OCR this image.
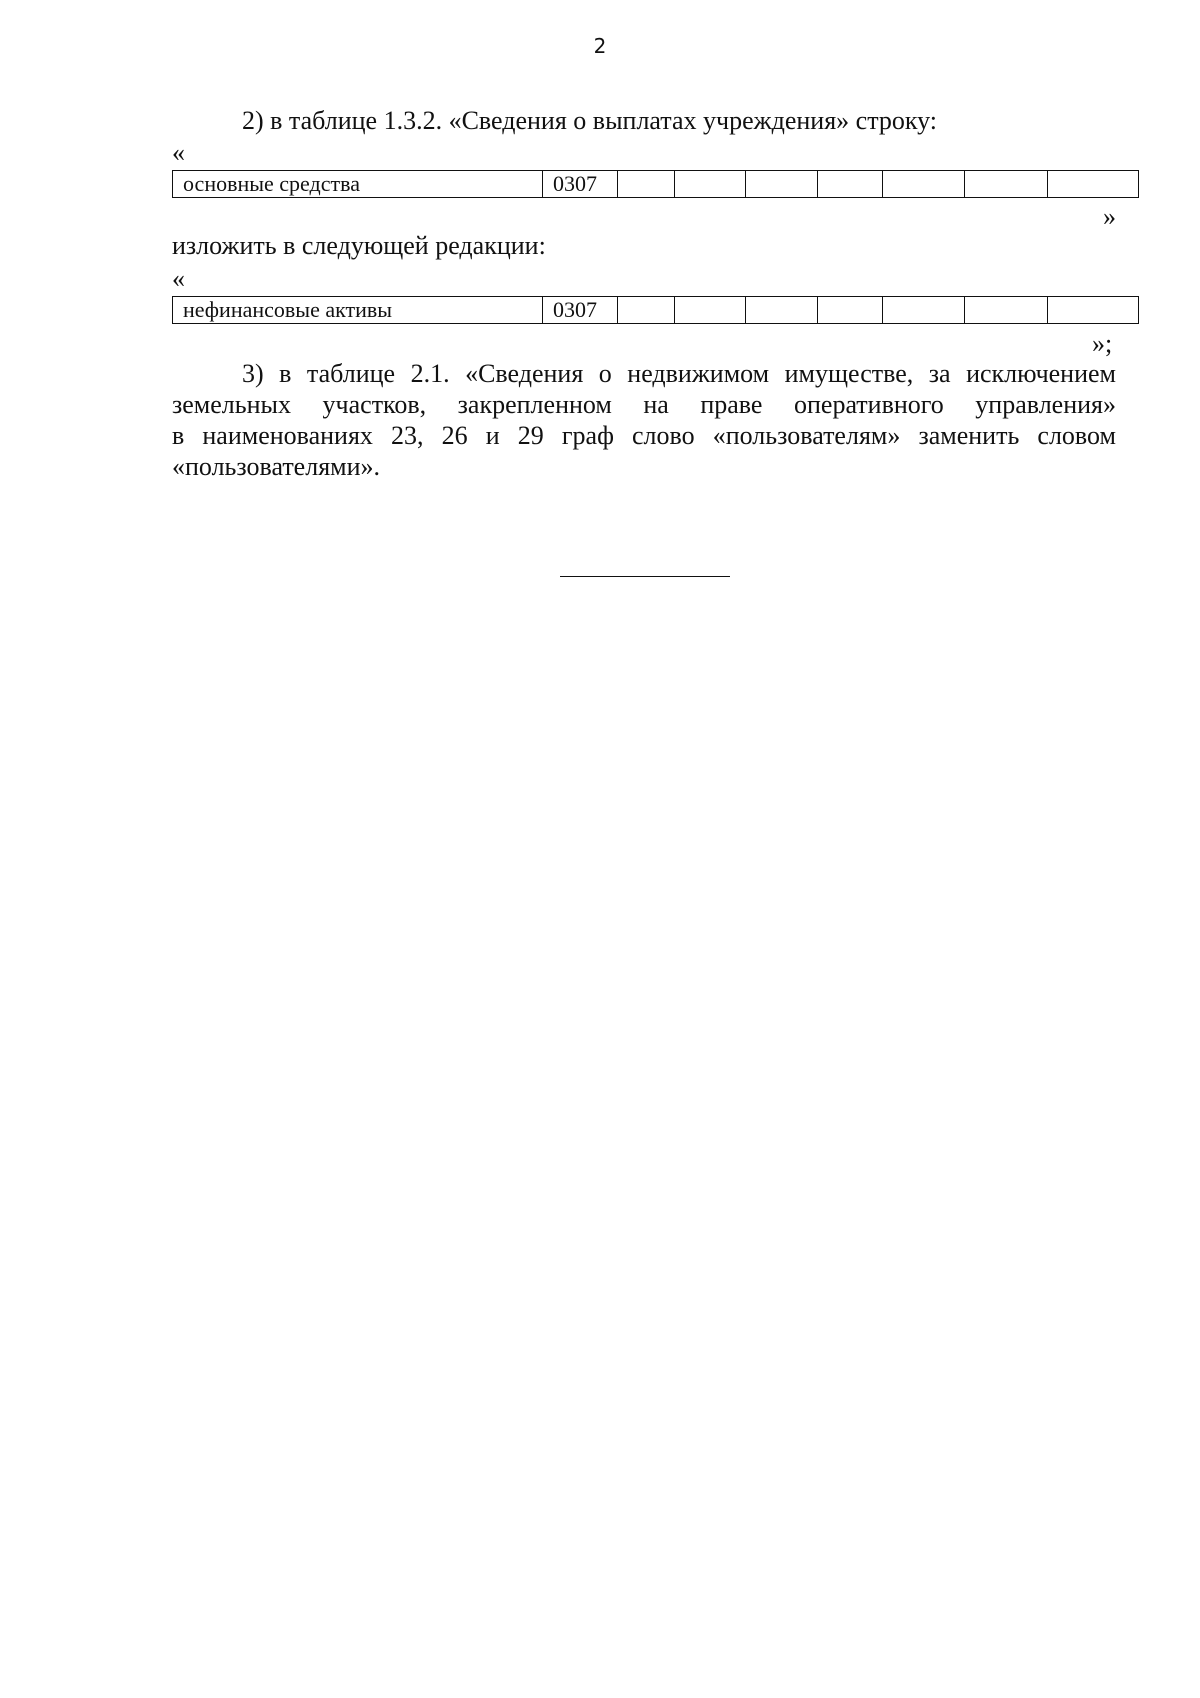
2
2) в таблице 1.3.2. «Сведения о выплатах учреждения» строку:
«
основные средства	0307							
»
изложить в следующей редакции:
«
нефинансовые активы	0307							
»;
3) в таблице 2.1. «Сведения о недвижимом имуществе, за исключением
земельных участков, закрепленном на праве оперативного управления»
в наименованиях 23, 26 и 29 граф слово «пользователям» заменить словом
«пользователями».
